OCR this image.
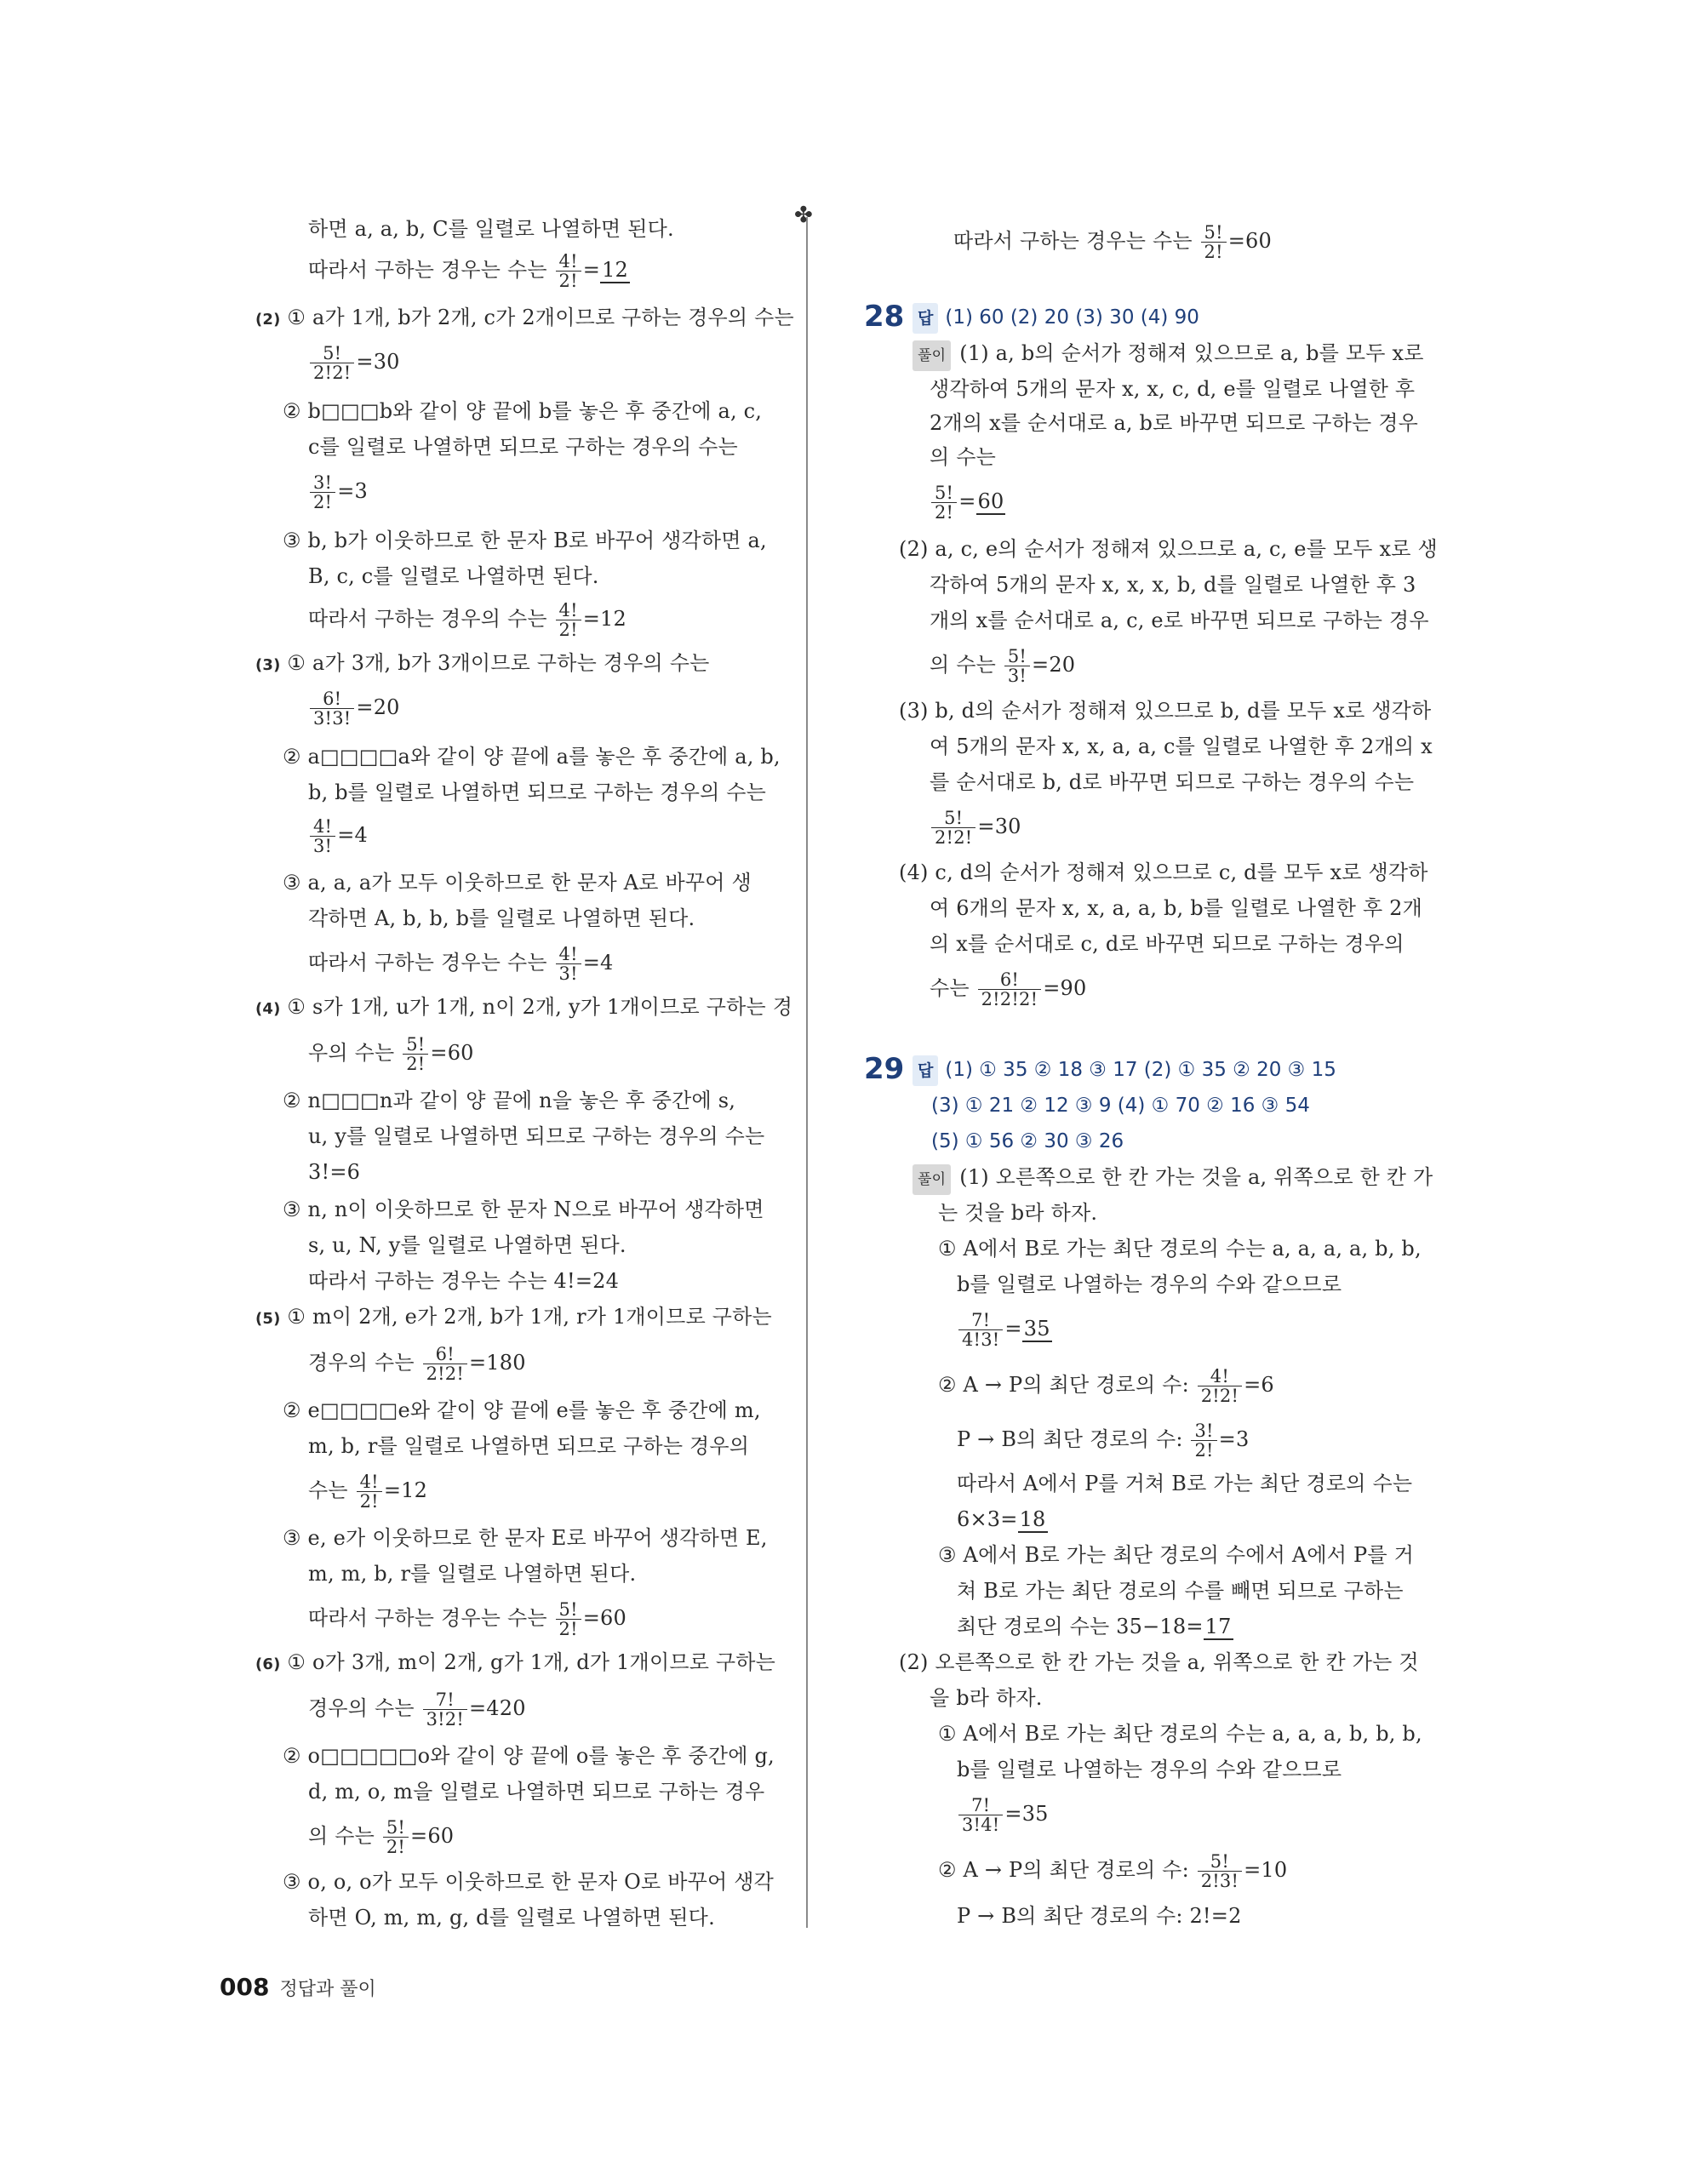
✤
하면 a, a, b, C를 일렬로 나열하면 된다.
따라서 구하는 경우는 수는 $\frac{4!}{2!} =12$
(2) ① a가 1개, b가 2개, c가 2개이므로 구하는 경우의 수는
$\frac{5!}{2!2!} =30$
② b□□□b와 같이 양 끝에 b를 놓은 후 중간에 a, c,
c를 일렬로 나열하면 되므로 구하는 경우의 수는
$\frac{3!}{2!} =3$
③ b, b가 이웃하므로 한 문자 B로 바꾸어 생각하면 a,
B, c, c를 일렬로 나열하면 된다.
따라서 구하는 경우의 수는 $\frac{4!}{2!} =12$
(3) ① a가 3개, b가 3개이므로 구하는 경우의 수는
$\frac{6!}{3!3!} =20$
② a□□□□a와 같이 양 끝에 a를 놓은 후 중간에 a, b,
b, b를 일렬로 나열하면 되므로 구하는 경우의 수는
$\frac{4!}{3!} =4$
③ a, a, a가 모두 이웃하므로 한 문자 A로 바꾸어 생
각하면 A, b, b, b를 일렬로 나열하면 된다.
따라서 구하는 경우는 수는 $\frac{4!}{3!} =4$
(4) ① s가 1개, u가 1개, n이 2개, y가 1개이므로 구하는 경
우의 수는 $\frac{5!}{2!} =60$
② n□□□n과 같이 양 끝에 n을 놓은 후 중간에 s,
u, y를 일렬로 나열하면 되므로 구하는 경우의 수는
3!=6
③ n, n이 이웃하므로 한 문자 N으로 바꾸어 생각하면
s, u, N, y를 일렬로 나열하면 된다.
따라서 구하는 경우는 수는 4!=24
(5) ① m이 2개, e가 2개, b가 1개, r가 1개이므로 구하는
경우의 수는 $\frac{6!}{2!2!} =180$
② e□□□□e와 같이 양 끝에 e를 놓은 후 중간에 m,
m, b, r를 일렬로 나열하면 되므로 구하는 경우의
수는 $\frac{4!}{2!} =12$
③ e, e가 이웃하므로 한 문자 E로 바꾸어 생각하면 E,
m, m, b, r를 일렬로 나열하면 된다.
따라서 구하는 경우는 수는 $\frac{5!}{2!} =60$
(6) ① o가 3개, m이 2개, g가 1개, d가 1개이므로 구하는
경우의 수는 $\frac{7!}{3!2!} =420$
② o□□□□□o와 같이 양 끝에 o를 놓은 후 중간에 g,
d, m, o, m을 일렬로 나열하면 되므로 구하는 경우
의 수는 $\frac{5!}{2!} =60$
③ o, o, o가 모두 이웃하므로 한 문자 O로 바꾸어 생각
하면 O, m, m, g, d를 일렬로 나열하면 된다.
따라서 구하는 경우는 수는 $\frac{5!}{2!} =60$
28 답 (1) 60 (2) 20 (3) 30 (4) 90
풀이 (1) a, b의 순서가 정해져 있으므로 a, b를 모두 x로
생각하여 5개의 문자 x, x, c, d, e를 일렬로 나열한 후
2개의 x를 순서대로 a, b로 바꾸면 되므로 구하는 경우
의 수는
$\frac{5!}{2!} =60$
(2) a, c, e의 순서가 정해져 있으므로 a, c, e를 모두 x로 생
각하여 5개의 문자 x, x, x, b, d를 일렬로 나열한 후 3
개의 x를 순서대로 a, c, e로 바꾸면 되므로 구하는 경우
의 수는 $\frac{5!}{3!} =20$
(3) b, d의 순서가 정해져 있으므로 b, d를 모두 x로 생각하
여 5개의 문자 x, x, a, a, c를 일렬로 나열한 후 2개의 x
를 순서대로 b, d로 바꾸면 되므로 구하는 경우의 수는
$\frac{5!}{2!2!} =30$
(4) c, d의 순서가 정해져 있으므로 c, d를 모두 x로 생각하
여 6개의 문자 x, x, a, a, b, b를 일렬로 나열한 후 2개
의 x를 순서대로 c, d로 바꾸면 되므로 구하는 경우의
수는 $\frac{6!}{2!2!2!} =90$
29 답 (1) ① 35 ② 18 ③ 17 (2) ① 35 ② 20 ③ 15
(3) ① 21 ② 12 ③ 9 (4) ① 70 ② 16 ③ 54
(5) ① 56 ② 30 ③ 26
풀이 (1) 오른쪽으로 한 칸 가는 것을 a, 위쪽으로 한 칸 가
는 것을 b라 하자.
① A에서 B로 가는 최단 경로의 수는 a, a, a, a, b, b,
b를 일렬로 나열하는 경우의 수와 같으므로
$\frac{7!}{4!3!} =35$
② A → P의 최단 경로의 수: $\frac{4!}{2!2!} =6$
P → B의 최단 경로의 수: $\frac{3!}{2!} =3$
따라서 A에서 P를 거쳐 B로 가는 최단 경로의 수는
6×3=18
③ A에서 B로 가는 최단 경로의 수에서 A에서 P를 거
쳐 B로 가는 최단 경로의 수를 빼면 되므로 구하는
최단 경로의 수는 35−18=17
(2) 오른쪽으로 한 칸 가는 것을 a, 위쪽으로 한 칸 가는 것
을 b라 하자.
① A에서 B로 가는 최단 경로의 수는 a, a, a, b, b, b,
b를 일렬로 나열하는 경우의 수와 같으므로
$\frac{7!}{3!4!} =35$
② A → P의 최단 경로의 수: $\frac{5!}{2!3!} =10$
P → B의 최단 경로의 수: 2!=2
008 정답과 풀이
